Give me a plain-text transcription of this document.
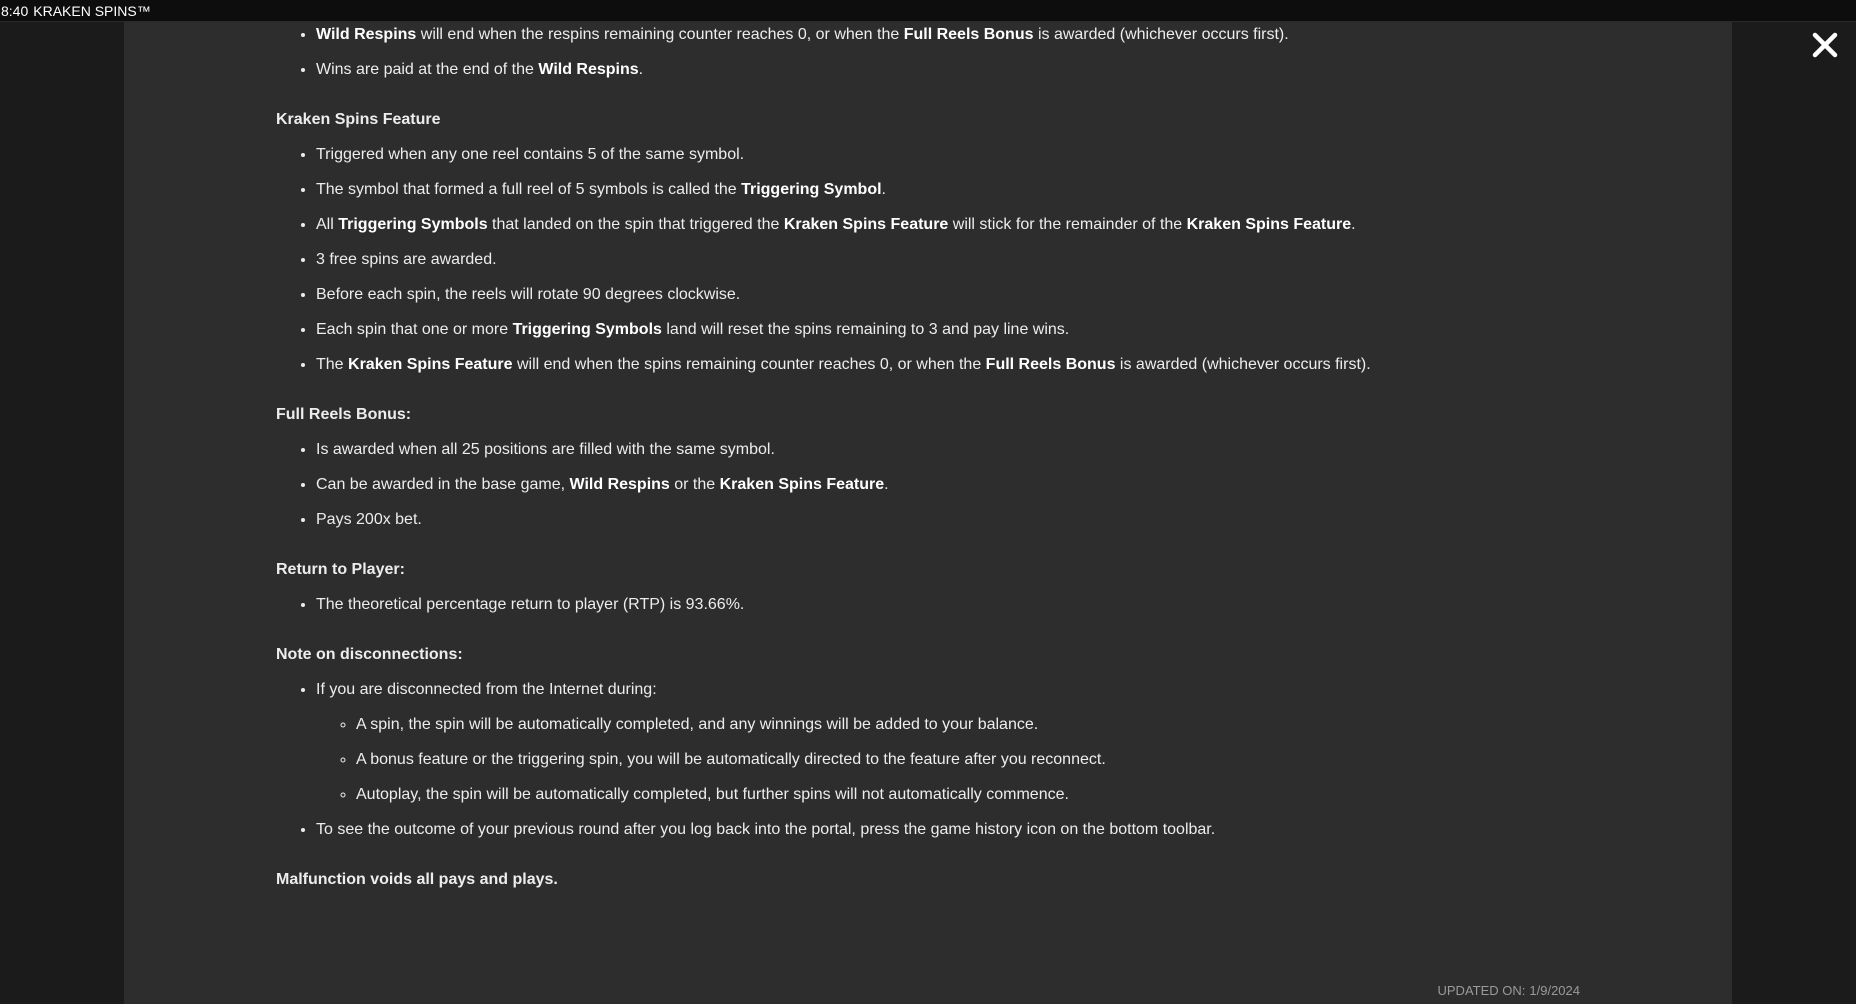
8:40 KRAKEN SPINS™
• Wild Respins will end when the respins remaining counter reaches 0, or when the Full Reels Bonus is awarded (whichever occurs first).
• Wins are paid at the end of the Wild Respins.
Kraken Spins Feature
• Triggered when any one reel contains 5 of the same symbol.
• The symbol that formed a full reel of 5 symbols is called the Triggering Symbol.
• All Triggering Symbols that landed on the spin that triggered the Kraken Spins Feature will stick for the remainder of the Kraken Spins Feature.
• 3 free spins are awarded.
• Before each spin, the reels will rotate 90 degrees clockwise.
• Each spin that one or more Triggering Symbols land will reset the spins remaining to 3 and pay line wins.
• The Kraken Spins Feature will end when the spins remaining counter reaches 0, or when the Full Reels Bonus is awarded (whichever occurs first).
Full Reels Bonus:
• Is awarded when all 25 positions are filled with the same symbol.
• Can be awarded in the base game, Wild Respins or the Kraken Spins Feature.
• Pays 200x bet.
Return to Player:
• The theoretical percentage return to player (RTP) is 93.66%.
Note on disconnections:
• If you are disconnected from the Internet during:
◦ A spin, the spin will be automatically completed, and any winnings will be added to your balance.
◦ A bonus feature or the triggering spin, you will be automatically directed to the feature after you reconnect.
◦ Autoplay, the spin will be automatically completed, but further spins will not automatically commence.
• To see the outcome of your previous round after you log back into the portal, press the game history icon on the bottom toolbar.
Malfunction voids all pays and plays.
UPDATED ON: 1/9/2024
